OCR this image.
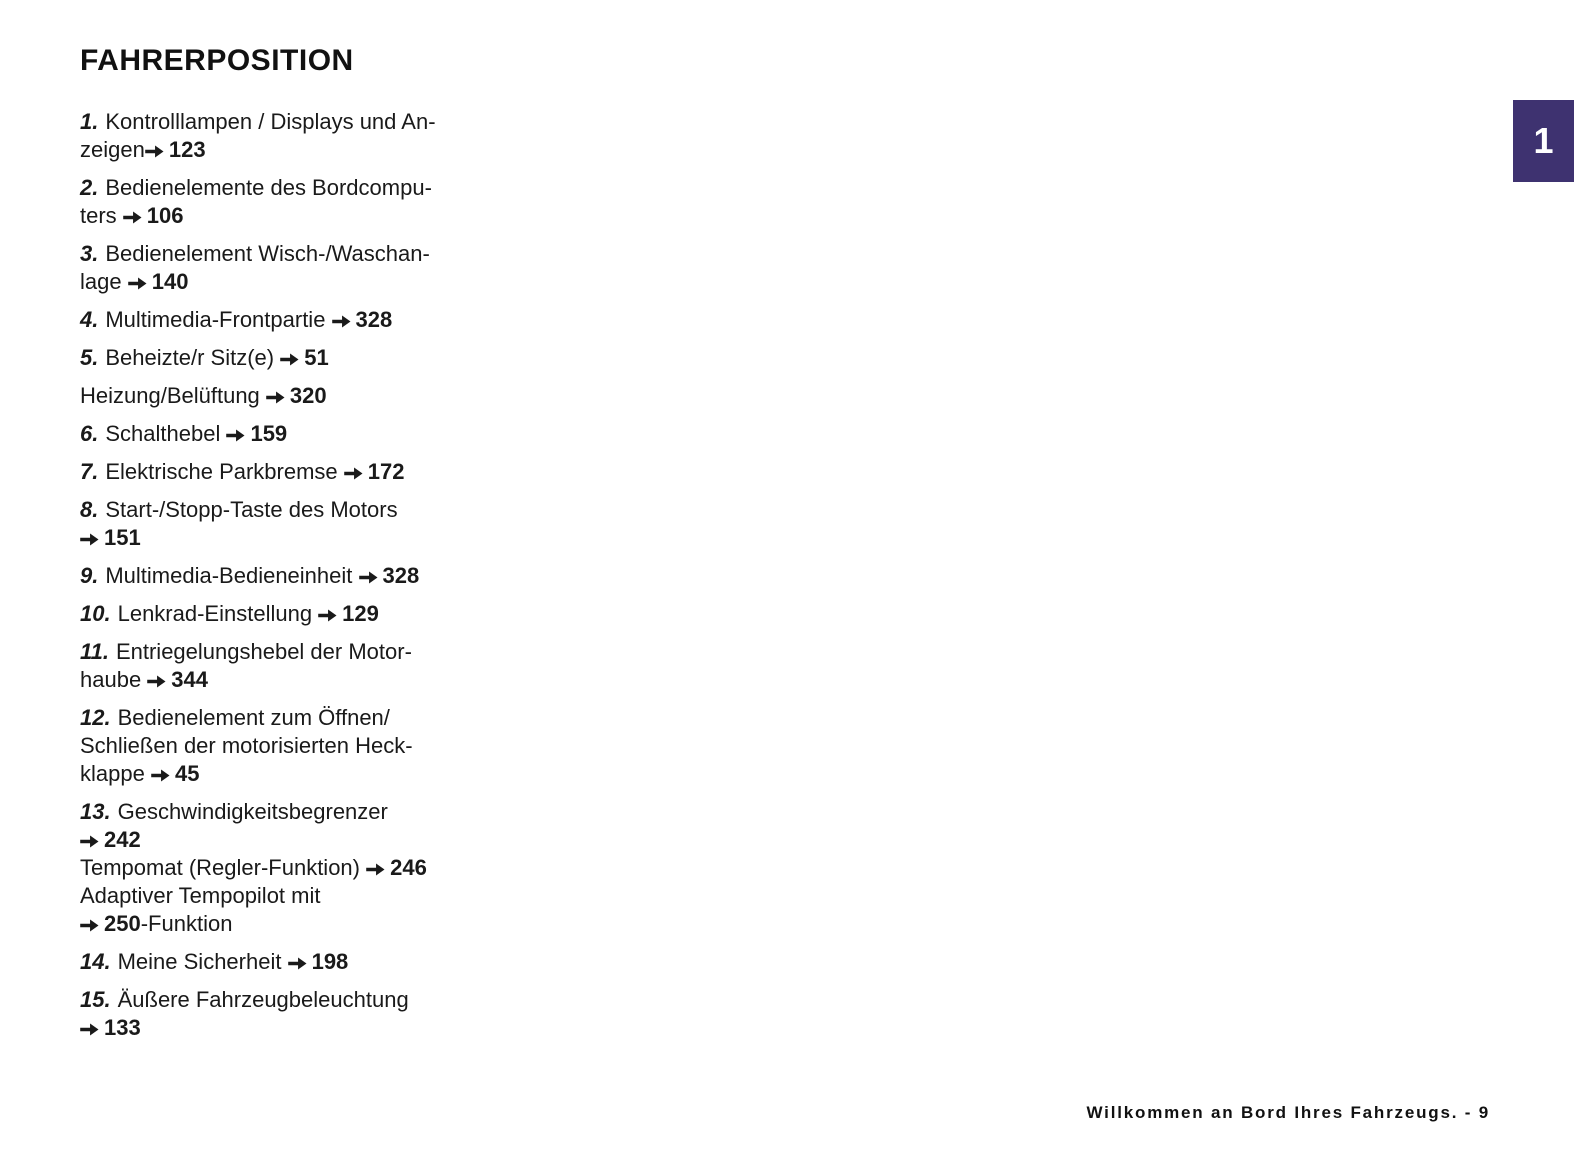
FAHRERPOSITION

1. Kontrolllampen / Displays und An-
zeigen 123

2. Bedienelemente des Bordcompu-
ters 106

3. Bedienelement Wisch-/Waschan-
lage 140

4. Multimedia-Frontpartie 328

5. Beheizte/r Sitz(e) 51

Heizung/Belüftung 320

6. Schalthebel 159

7. Elektrische Parkbremse 172

8. Start-/Stopp-Taste des Motors
151

9. Multimedia-Bedieneinheit 328

10. Lenkrad-Einstellung 129

11. Entriegelungshebel der Motor-
haube 344

12. Bedienelement zum Öffnen/
Schließen der motorisierten Heck-
klappe 45

13. Geschwindigkeitsbegrenzer
242
Tempomat (Regler-Funktion) 246
Adaptiver Tempopilot mit
250-Funktion

14. Meine Sicherheit 198

15. Äußere Fahrzeugbeleuchtung
133

1
Willkommen an Bord Ihres Fahrzeugs. - 9
